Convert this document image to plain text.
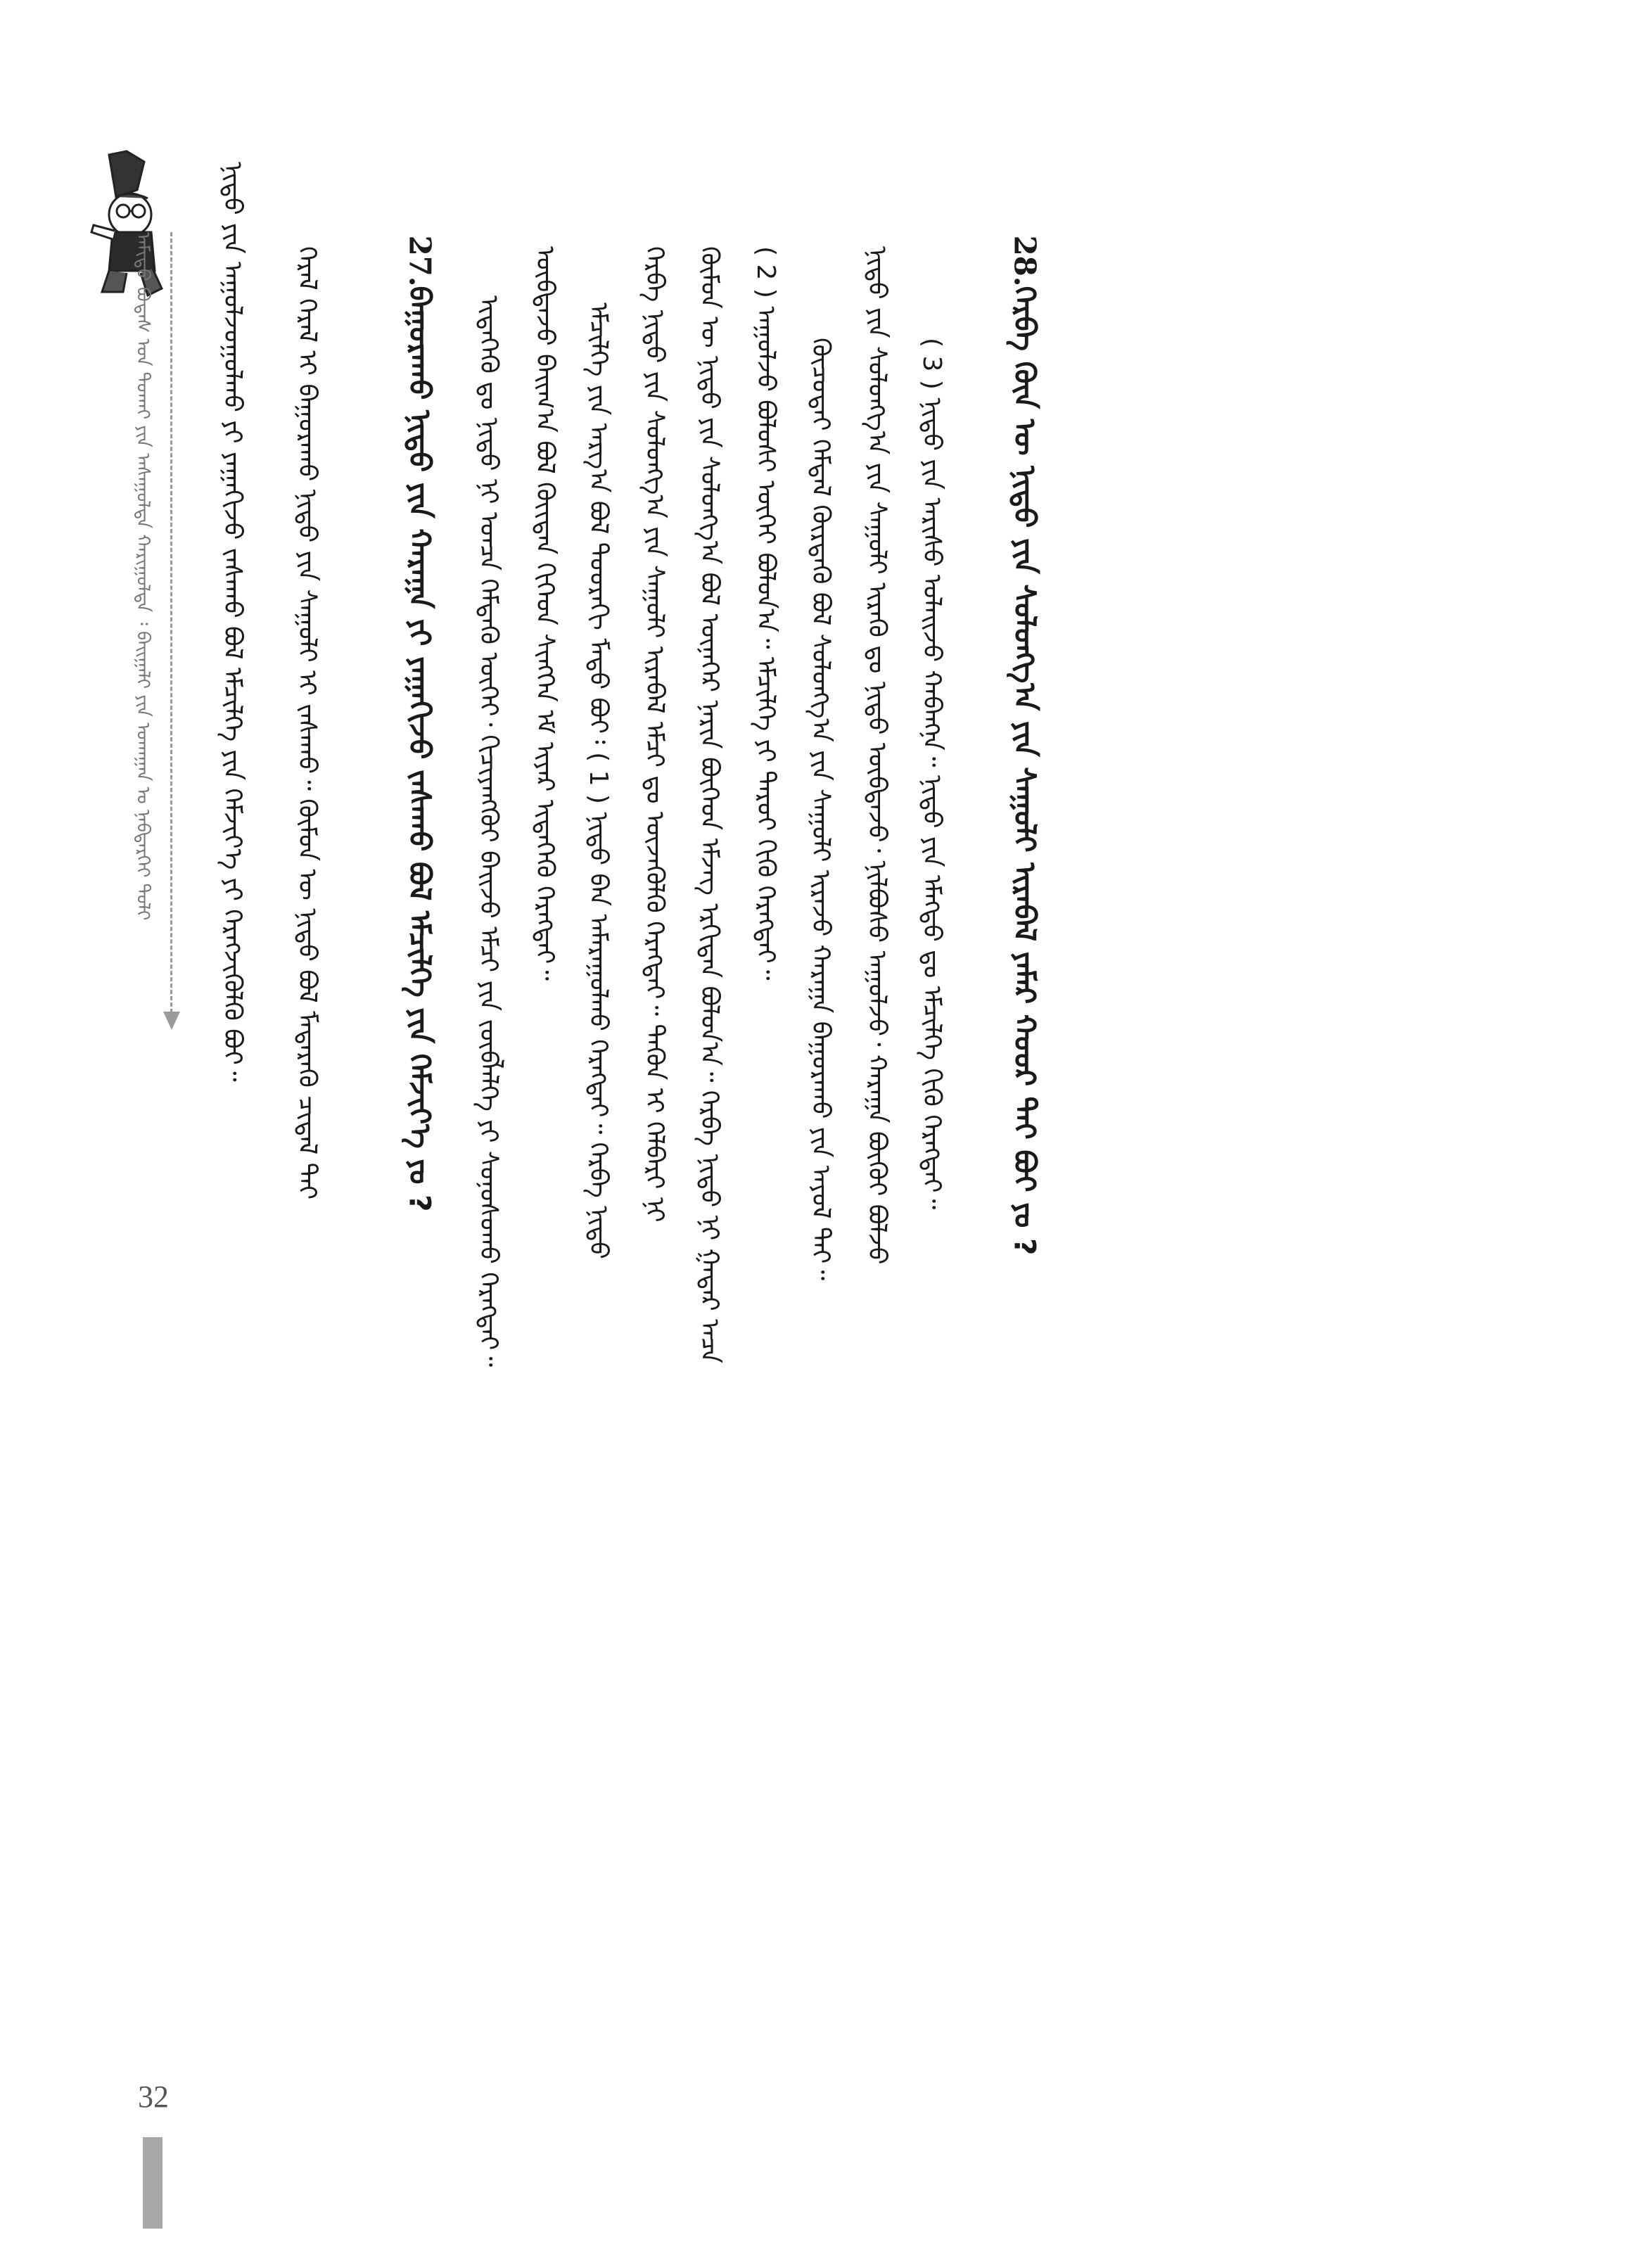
ᠠᠮᠢᠳᠤ ᠪᠣᠳᠠᠰ ᠤᠨ ᠲᠣᠬᠠᠢ ᠶᠢᠨ ᠠᠰᠠᠭᠤᠯᠲᠠ ᠬᠠᠷᠢᠭᠤᠯᠲᠠ ᠄ ᠪᠠᠢᠭᠠᠯᠢ ᠶᠢᠨ ᠤᠬᠠᠭᠠᠨ ᠤ ᠨᠡᠪᠲᠡᠷᠬᠡᠢ ᠲᠣᠯᠢ	ᠨᠢᠳᠦ ᠶᠢᠨ ᠠᠭᠤᠯᠵᠤᠭᠤᠯᠬᠤ ᠶᠢ ᠶᠠᠭᠠᠬᠢᠵᠤ ᠵᠠᠰᠠᠬᠤ ᠪᠣᠯ ᠡᠮᠴᠢᠯᠭᠡ ᠶᠢᠨ ᠬᠡᠮᠵᠢᠶ᠎ᠡ ᠶᠢ ᠬᠡᠷᠡᠭᠵᠢᠭᠦᠯᠬᠦ ᠪᠣᠢ᠃ ᠭᠡᠷᠡᠯ ᠭᠡᠷᠡᠯ ᠢ ᠪᠠᠭᠤᠷᠠᠬᠤ ᠨᠢᠳᠦ ᠶᠢᠨ ᠰᠠᠭᠤᠯᠢ ᠢ ᠵᠠᠰᠠᠬᠤ᠃ ᠬᠦᠮᠦᠨ ᠦ ᠨᠢᠳᠦ ᠪᠣᠯ ᠮᠡᠳᠡᠷᠡᠬᠦ ᠴᠢᠳᠠᠯ ᠲᠠᠢ	27. ᠪᠠᠭᠤᠷᠠᠬᠤ ᠨᠢᠳᠦ ᠶᠢᠨ ᠬᠠᠷᠠᠭᠠ ᠶᠢ ᠶᠠᠭᠠᠬᠢᠵᠤ ᠵᠠᠰᠠᠬᠤ ᠪᠣᠯ ᠡᠮᠴᠢᠯᠭᠡ ᠶᠢᠨ ᠬᠡᠮᠵᠢᠶ᠎ᠡ ᠶᠣ ?	ᠢᠳᠡᠭᠡᠬᠦ ᠳᠤ ᠨᠢᠳᠦ ᠨᠢ ᠣᠨᠴᠠ ᠭᠡᠮᠲᠡᠬᠦ ᠦᠭᠡᠢ᠂ ᠬᠢᠴᠢᠶᠡᠩᠭᠦᠢ ᠪᠠᠢᠵᠤ ᠡᠮᠴᠢ ᠶᠢᠨ ᠵᠥᠪᠯᠡᠯᠭᠡ ᠶᠢ ᠰᠣᠨᠣᠰᠣᠬᠤ ᠬᠡᠷᠡᠭᠲᠡᠢ᠃ ᠥᠪᠳᠡᠵᠦ ᠪᠠᠢᠭ᠎ᠠ ᠪᠣᠯ ᠬᠦᠢᠲᠡᠨ ᠬᠢᠭᠡᠳ ᠰᠢᠩᠭᠡᠨ ᠡᠮ ᠢᠶᠡᠷ ᠢᠳᠡᠭᠡᠬᠦ ᠬᠡᠷᠡᠭᠲᠡᠢ᠃ ᠡᠮᠴᠢᠯᠭᠡ ᠶᠢᠨ ᠠᠷᠭ᠎ᠠ ᠪᠣᠯ ᠳᠣᠣᠷᠠᠬᠢ ᠮᠡᠲᠦ ᠪᠣᠢ᠄ ( 1 ) ᠨᠢᠳᠦ ᠪᠡᠨ ᠠᠮᠠᠷᠠᠭᠤᠯᠬᠤ ᠬᠡᠷᠡᠭᠲᠡᠢ᠃ ᠬᠡᠷᠪᠡ ᠨᠢᠳᠦ ᠬᠡᠷᠪᠡ ᠨᠢᠳᠦ ᠶᠢᠨ ᠰᠣᠯᠣᠩᠭ᠎ᠠ ᠶᠢᠨ ᠰᠠᠭᠤᠯᠢ ᠢᠷᠡᠪᠡᠯ ᠡᠮᠴᠢ ᠳᠤ ᠦᠵᠡᠭᠦᠯᠬᠦ ᠬᠡᠷᠡᠭᠲᠡᠢ᠃ ᠲᠡᠭᠦᠨ ᠢ ᠬᠡᠯᠪᠡᠷᠢ ᠨᠢ ᠬᠦᠮᠦᠨ ᠦ ᠨᠢᠳᠦ ᠶᠢᠨ ᠰᠣᠯᠣᠩᠭ᠎ᠠ ᠪᠣᠯ ᠦᠨᠡᠬᠡᠷ ᠨᠠᠷᠢᠨ ᠪᠥᠭᠡᠳ ᠡᠮᠵᠡᠭ ᠡᠷᠬᠢᠲᠡᠨ ᠪᠣᠯᠤᠨ᠎ᠠ᠃ ᠬᠡᠷᠪᠡ ᠨᠢᠳᠦ ᠨᠢ ᠭᠠᠳᠠᠷ ᠠᠴᠠ ( 2 ) ᠠᠭᠤᠯᠵᠤ ᠪᠣᠯᠤᠰᠢ ᠦᠭᠡᠢ ᠪᠣᠯᠤᠨ᠎ᠠ᠃ ᠡᠮᠴᠢᠯᠭᠡ ᠶᠢ ᠳᠠᠷᠤᠢ ᠬᠢᠬᠦ ᠬᠡᠷᠡᠭᠲᠡᠢ᠃ ᠬᠦᠴᠦᠲᠡᠢ ᠭᠡᠮᠳᠡᠯ ᠬᠦᠷᠲᠡᠬᠦ ᠪᠣᠯ ᠰᠣᠯᠣᠩᠭ᠎ᠠ ᠶᠢᠨ ᠰᠠᠭᠤᠯᠢ ᠢᠷᠡᠵᠦ ᠬᠠᠷᠠᠭᠠ ᠪᠠᠭᠤᠷᠠᠬᠤ ᠶᠢᠨ ᠠᠶᠤᠯ ᠲᠠᠢ᠃ ᠨᠢᠳᠦ ᠶᠢᠨ ᠰᠣᠯᠣᠩᠭ᠎ᠠ ᠶᠢᠨ ᠰᠠᠭᠤᠯᠢ ᠢᠷᠡᠬᠦ ᠳᠤ ᠨᠢᠳᠦ ᠥᠪᠳᠡᠵᠦ᠂ ᠨᠢᠯᠪᠤᠰᠤ ᠠᠭᠤᠯᠵᠤ᠂ ᠬᠠᠷᠠᠭᠠ ᠪᠥᠬᠦᠢ ᠪᠣᠯᠵᠤ ( 3 ) ᠨᠢᠳᠦ ᠶᠢᠨ ᠠᠷᠢᠰᠤ ᠤᠯᠠᠢᠵᠤ ᠬᠠᠪᠠᠩᠨᠠ᠃ ᠨᠢᠳᠦ ᠶᠢᠨ ᠡᠮᠡᠭᠲᠦ ᠳᠤ ᠡᠮᠴᠢᠯᠭᠡ ᠬᠢᠬᠦ ᠬᠡᠷᠡᠭᠲᠡᠢ᠃
28. ᠬᠡᠷᠪᠡ ᠬᠦᠨ ᠦ ᠨᠢᠳᠦ ᠶᠢᠨ ᠰᠣᠯᠣᠩᠭ᠎ᠠ ᠶᠢᠨ ᠰᠠᠭᠤᠯᠢ ᠢᠷᠡᠪᠡᠯ ᠶᠠᠮᠠᠷ ᠬᠣᠣᠷ ᠲᠠᠢ ᠪᠣᠢ ᠶᠣ ?
32
